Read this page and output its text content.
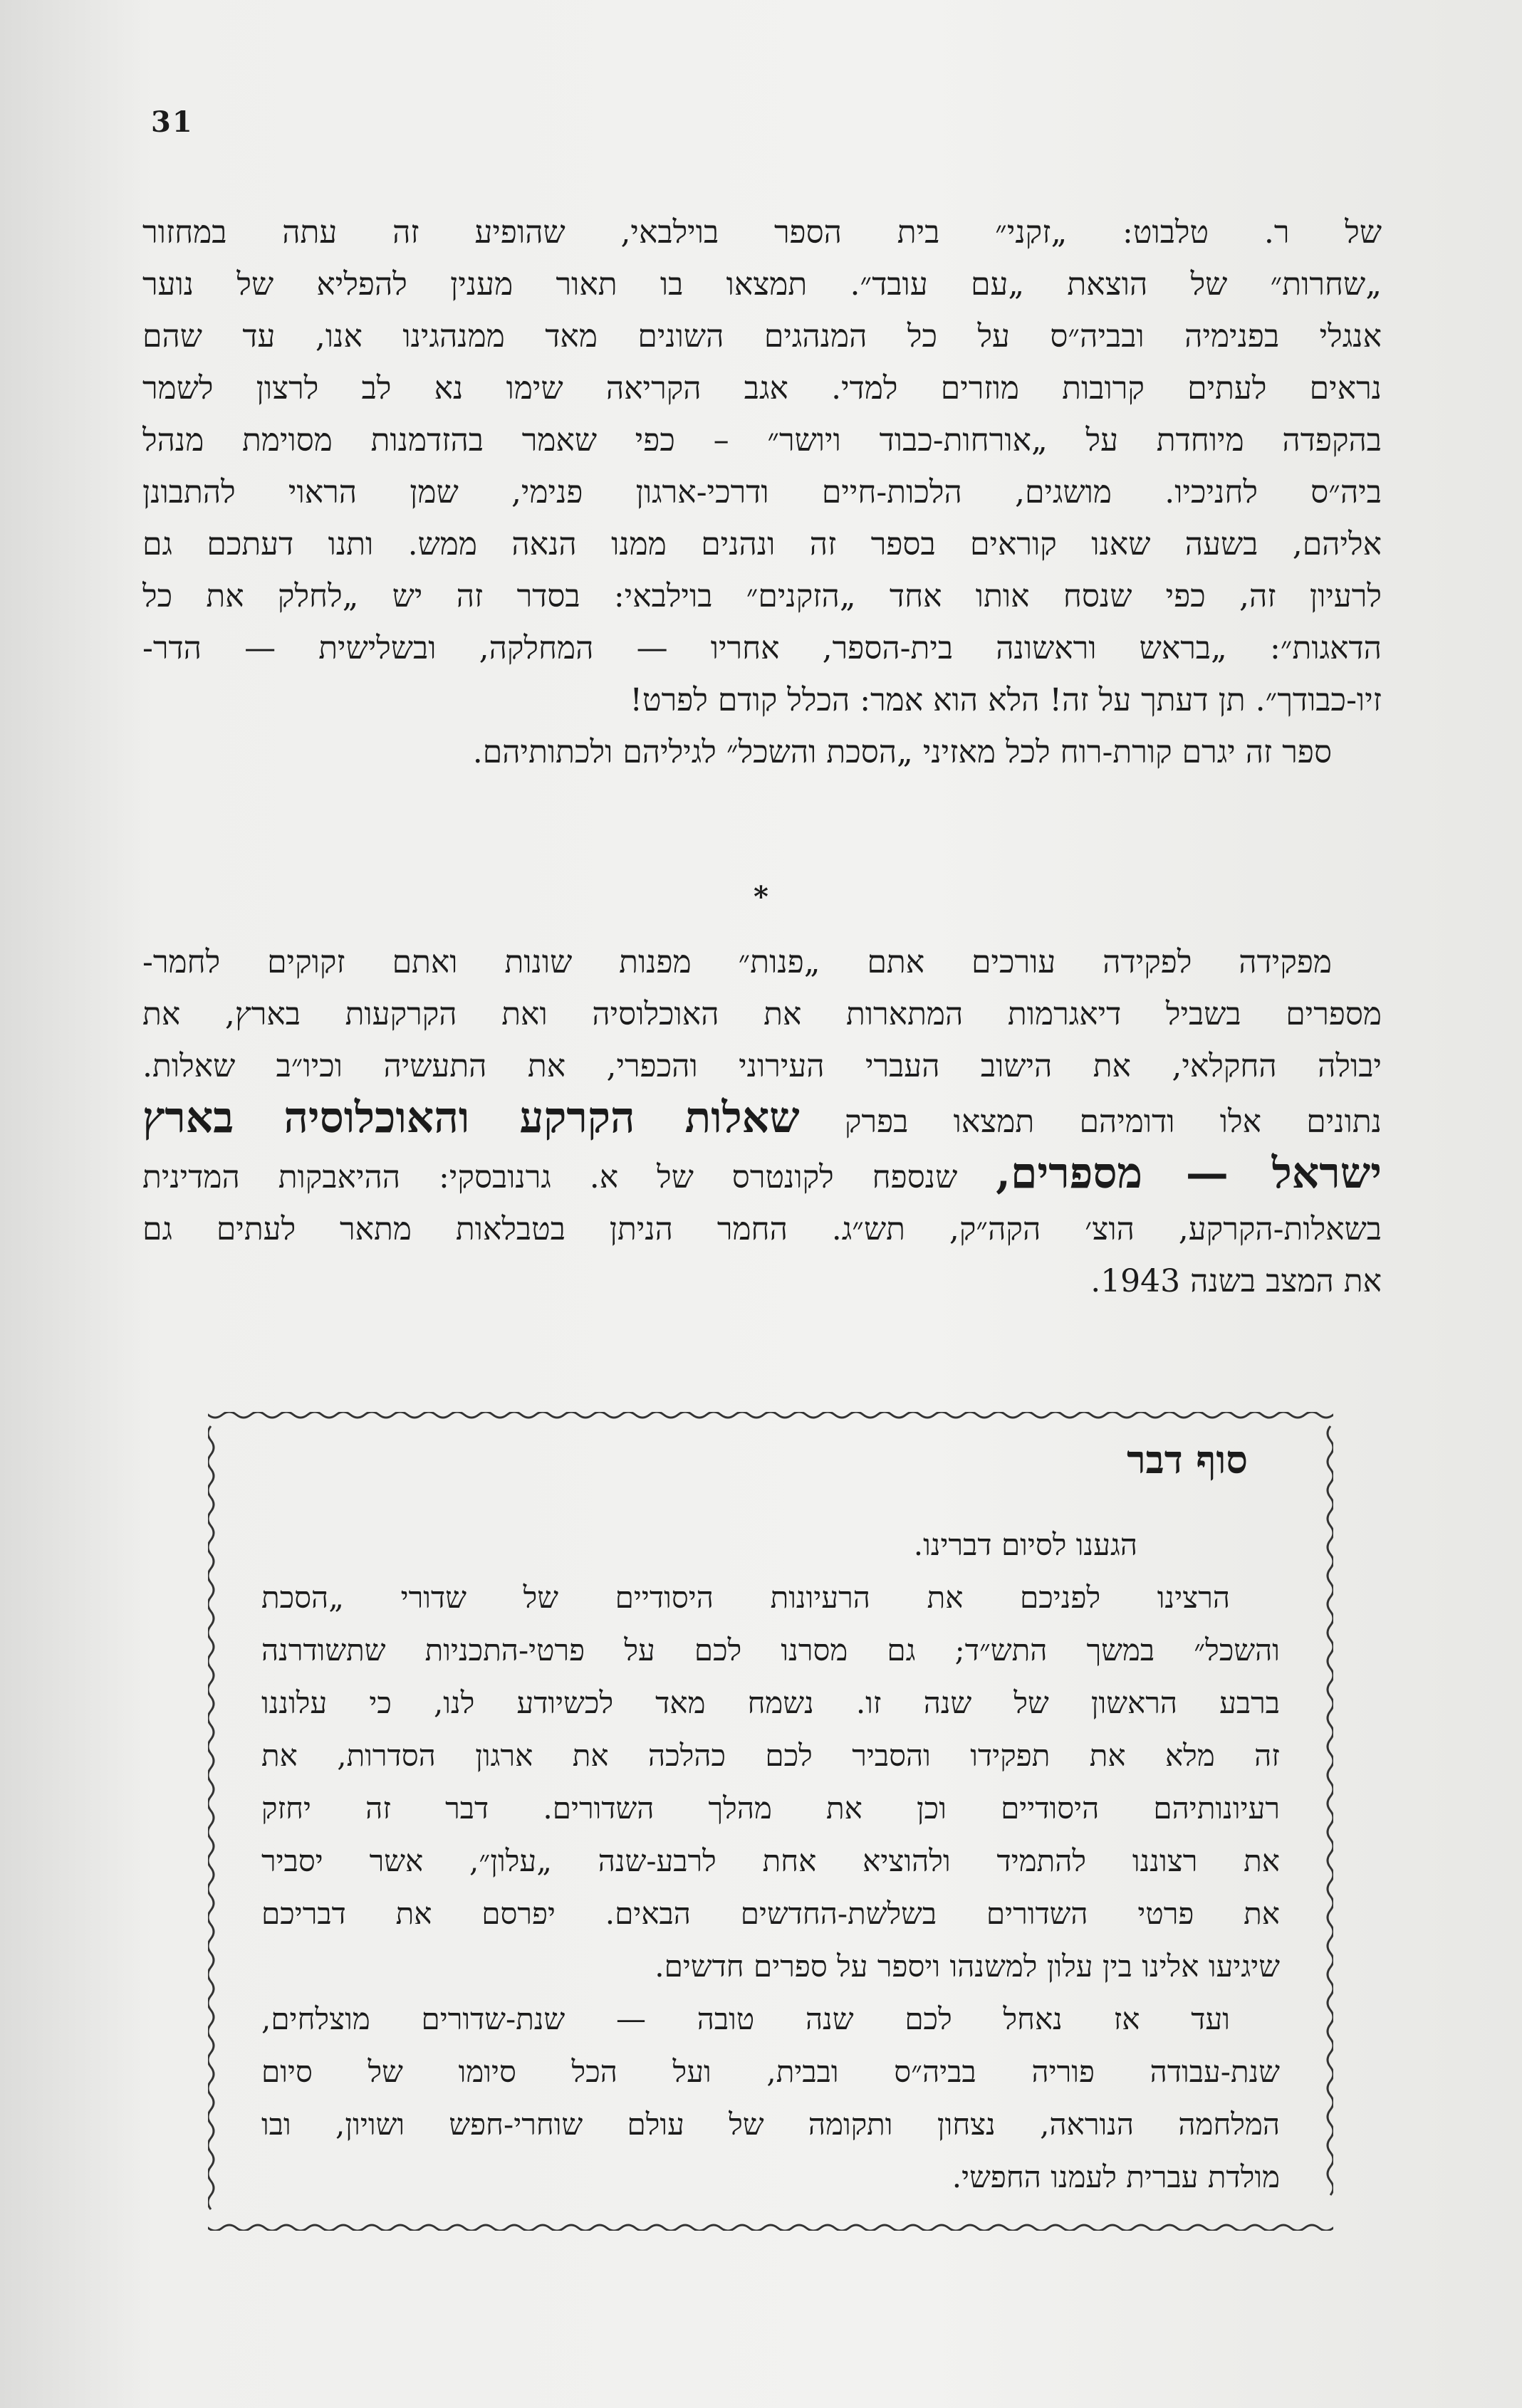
31
של ר. טלבוט: „זקני״ בית הספר בוילבאי, שהופיע זה עתה במחזור
„שחרות״ של הוצאת „עם עובד״. תמצאו בו תאור מענין להפליא של נוער
אנגלי בפנימיה ובביה״ס על כל המנהגים השונים מאד ממנהגינו אנו, עד שהם
נראים לעתים קרובות מוזרים למדי. אגב הקריאה שימו נא לב לרצון לשמר
בהקפדה מיוחדת על „אורחות-כבוד ויושר״ – כפי שאמר בהזדמנות מסוימת מנהל
ביה״ס לחניכיו. מושגים, הלכות-חיים ודרכי-ארגון פנימי, שמן הראוי להתבונן
אליהם, בשעה שאנו קוראים בספר זה ונהנים ממנו הנאה ממש. ותנו דעתכם גם
לרעיון זה, כפי שנסח אותו אחד „הזקנים״ בוילבאי: בסדר זה יש „לחלק את כל
הדאגות״: „בראש וראשונה בית-הספר, אחריו — המחלקה, ובשלישית — הדר-
זיו-כבודך״. תן דעתך על זה! הלא הוא אמר: הכלל קודם לפרט!
ספר זה יגרם קורת-רוח לכל מאזיני „הסכת והשכל״ לגיליהם ולכתותיהם.
*
מפקידה לפקידה עורכים אתם „פנות״ מפנות שונות ואתם זקוקים לחמר-
מספרים בשביל דיאגרמות המתארות את האוכלוסיה ואת הקרקעות בארץ, את
יבולה החקלאי, את הישוב העברי העירוני והכפרי, את התעשיה וכיו״ב שאלות.
נתונים אלו ודומיהם תמצאו בפרק שאלות הקרקע והאוכלוסיה בארץ
ישראל — מספרים, שנספח לקונטרס של א. גרנובסקי: ההיאבקות המדינית
בשאלות-הקרקע, הוצ׳ הקה״ק, תש״ג. החמר הניתן בטבלאות מתאר לעתים גם
את המצב בשנה 1943.
סוף דבר
הגענו לסיום דברינו.
הרצינו לפניכם את הרעיונות היסודיים של שדורי „הסכת
והשכל״ במשך התש״ד; גם מסרנו לכם על פרטי-התכניות שתשודרנה
ברבע הראשון של שנה זו. נשמח מאד לכשיודע לנו, כי עלוננו
זה מלא את תפקידו והסביר לכם כהלכה את ארגון הסדרות, את
רעיונותיהם היסודיים וכן את מהלך השדורים. דבר זה יחזק
את רצוננו להתמיד ולהוציא אחת לרבע-שנה „עלון״, אשר יסביר
את פרטי השדורים בשלשת-החדשים הבאים. יפרסם את דבריכם
שיגיעו אלינו בין עלון למשנהו ויספר על ספרים חדשים.
ועד אז נאחל לכם שנה טובה — שנת-שדורים מוצלחים,
שנת-עבודה פוריה בביה״ס ובבית, ועל הכל סיומו של סיום
המלחמה הנוראה, נצחון ותקומה של עולם שוחרי-חפש ושויון, ובו
מולדת עברית לעמנו החפשי.
